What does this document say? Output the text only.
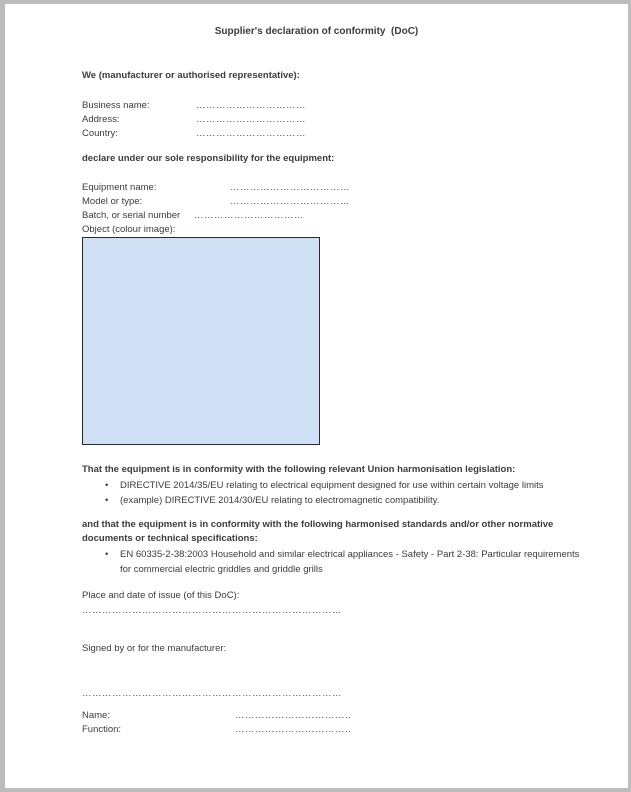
Supplier's declaration of conformity  (DoC)
We (manufacturer or authorised representative):
Business name:	……………………………
Address:	……………………………
Country:	……………………………
declare under our sole responsibility for the equipment:
Equipment name:	………………………………
Model or type:	………………………………
Batch, or serial number	……………………………
Object (colour image):
That the equipment is in conformity with the following relevant Union harmonisation legislation:
• DIRECTIVE 2014/35/EU relating to electrical equipment designed for use within certain voltage limits
• (example) DIRECTIVE 2014/30/EU relating to electromagnetic compatibility.
and that the equipment is in conformity with the following harmonised standards and/or other normative documents or technical specifications:
• EN 60335-2-38:2003 Household and similar electrical appliances - Safety - Part 2-38: Particular requirements for commercial electric griddles and griddle grills
Place and date of issue (of this DoC):
……………………………………………………………………
Signed by or for the manufacturer:
……………………………………………………………………
Name:	……………………………..
Function:	……………………………..
